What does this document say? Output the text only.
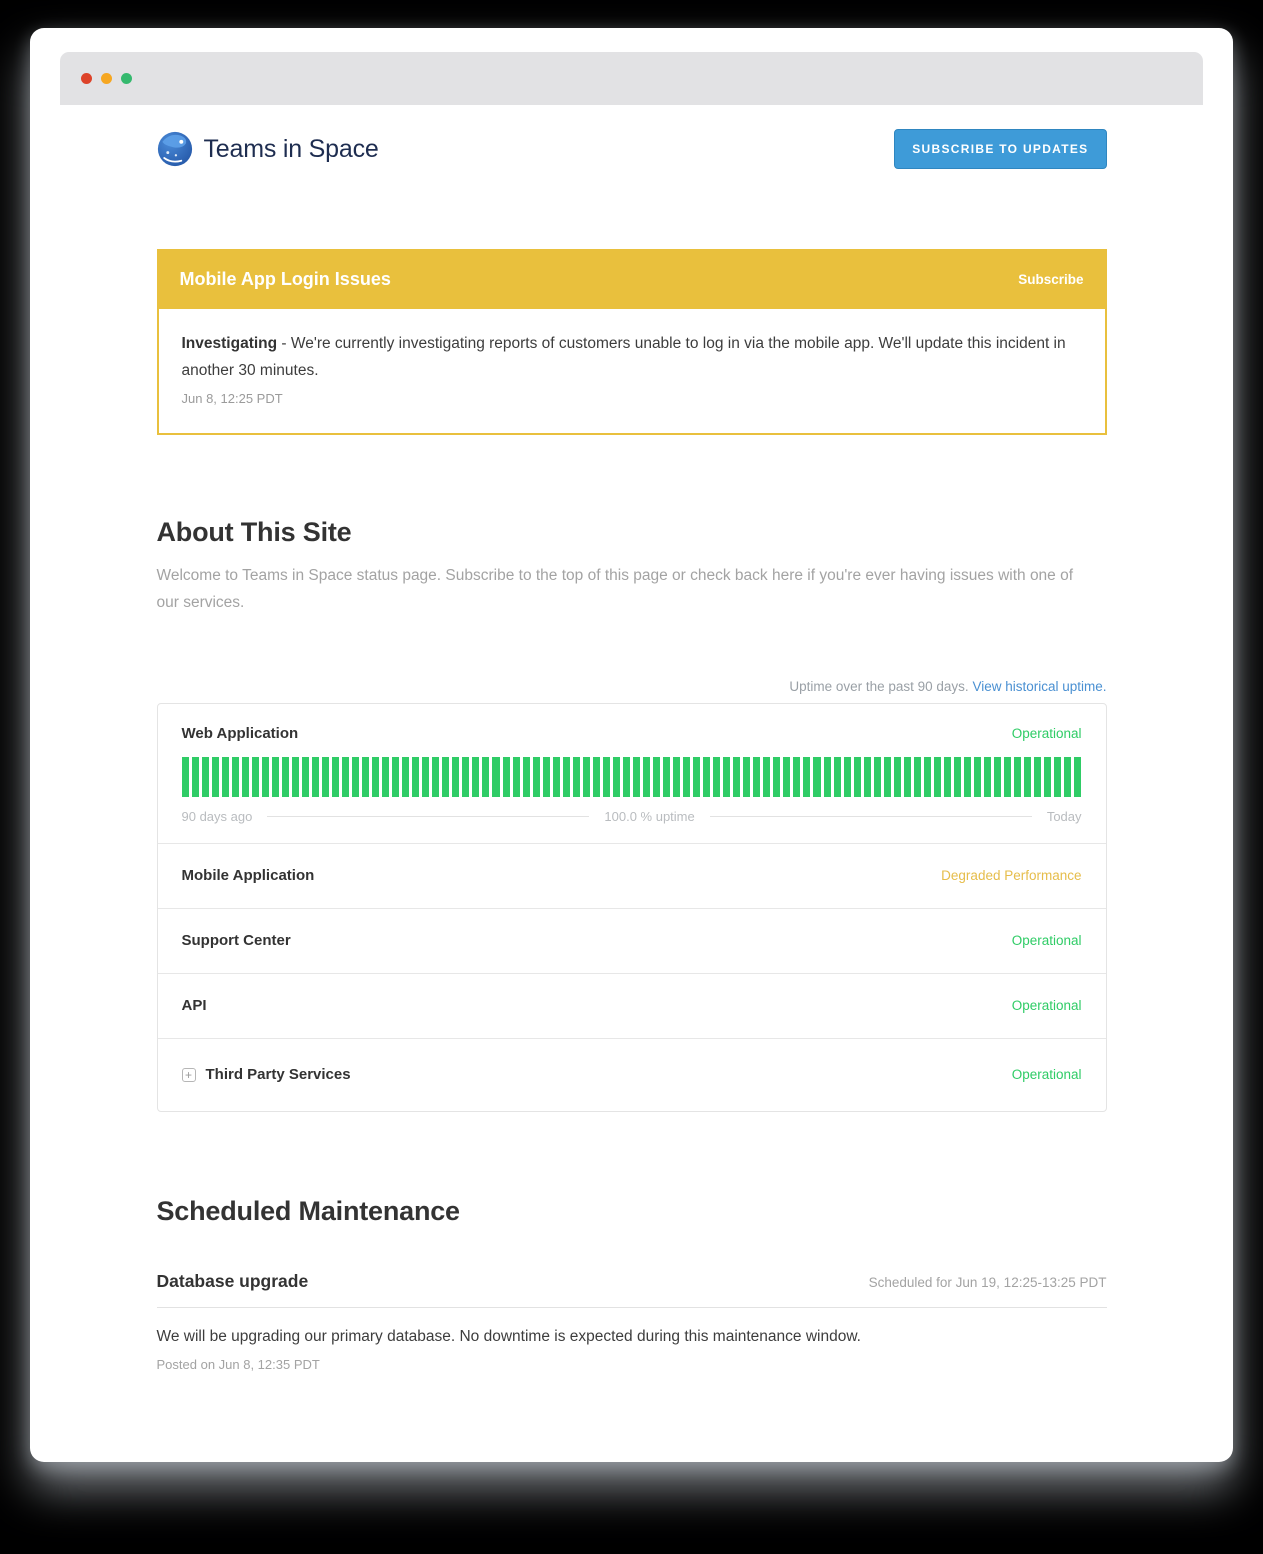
Teams in Space	SUBSCRIBE TO UPDATES
Mobile App Login Issues	Subscribe

Investigating - We're currently investigating reports of customers unable to log in via the mobile app. We'll update this incident in another 30 minutes.

Jun 8, 12:25 PDT
About This Site

Welcome to Teams in Space status page. Subscribe to the top of this page or check back here if you're ever having issues with one of our services.

Uptime over the past 90 days. View historical uptime.
Web Application	Operational
90 days ago	100.0 % uptime	Today
Mobile Application	Degraded Performance
Support Center	Operational
API	Operational
+ Third Party Services	Operational
Scheduled Maintenance
Database upgrade	Scheduled for Jun 19, 12:25-13:25 PDT

We will be upgrading our primary database. No downtime is expected during this maintenance window.

Posted on Jun 8, 12:35 PDT
